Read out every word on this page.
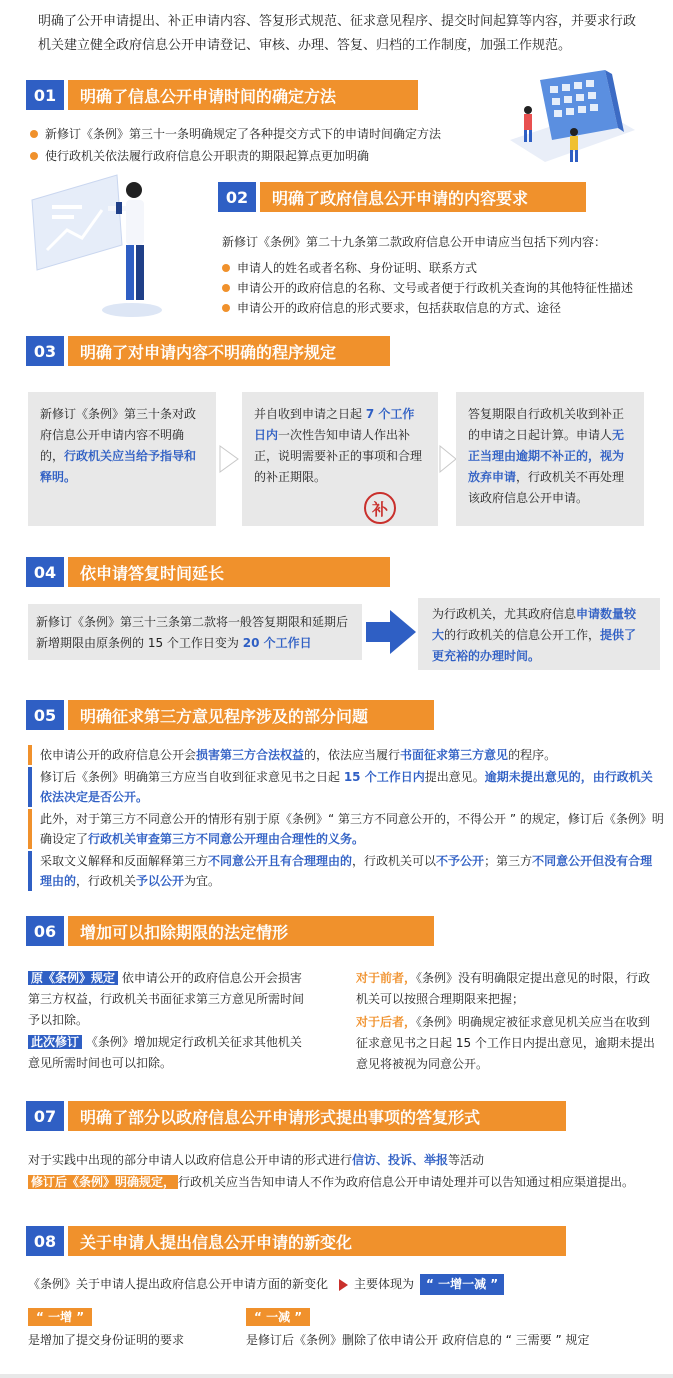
明确了公开申请提出、补正申请内容、答复形式规范、征求意见程序、提交时间起算等内容，并要求行政机关建立健全政府信息公开申请登记、审核、办理、答复、归档的工作制度，加强工作规范。
01	明确了信息公开申请时间的确定方法
新修订《条例》第三十一条明确规定了各种提交方式下的申请时间确定方法
使行政机关依法履行政府信息公开职责的期限起算点更加明确
02	明确了政府信息公开申请的内容要求
新修订《条例》第二十九条第二款政府信息公开申请应当包括下列内容：
申请人的姓名或者名称、身份证明、联系方式
申请公开的政府信息的名称、文号或者便于行政机关查询的其他特征性描述
申请公开的政府信息的形式要求，包括获取信息的方式、途径
03	明确了对申请内容不明确的程序规定
新修订《条例》第三十条对政府信息公开申请内容不明确的，行政机关应当给予指导和释明。
并自收到申请之日起 7 个工作日内一次性告知申请人作出补正，说明需要补正的事项和合理的补正期限。
补
答复期限自行政机关收到补正的申请之日起计算。申请人无正当理由逾期不补正的，视为放弃申请，行政机关不再处理该政府信息公开申请。
04	依申请答复时间延长
新修订《条例》第三十三条第二款将一般答复期限和延期后新增期限由原条例的 15 个工作日变为 20 个工作日
为行政机关，尤其政府信息申请数量较大的行政机关的信息公开工作，提供了更充裕的办理时间。
05	明确征求第三方意见程序涉及的部分问题
依申请公开的政府信息公开会损害第三方合法权益的，依法应当履行书面征求第三方意见的程序。
修订后《条例》明确第三方应当自收到征求意见书之日起 15 个工作日内提出意见。逾期未提出意见的，由行政机关依法决定是否公开。
此外，对于第三方不同意公开的情形有别于原《条例》“ 第三方不同意公开的，不得公开 ” 的规定，修订后《条例》明确设定了行政机关审查第三方不同意公开理由合理性的义务。
采取文义解释和反面解释第三方不同意公开且有合理理由的，行政机关可以不予公开；第三方不同意公开但没有合理理由的，行政机关予以公开为宜。
06	增加可以扣除期限的法定情形
原《条例》规定 依申请公开的政府信息公开会损害第三方权益，行政机关书面征求第三方意见所需时间予以扣除。
此次修订 《条例》增加规定行政机关征求其他机关意见所需时间也可以扣除。
对于前者，《条例》没有明确限定提出意见的时限，行政机关可以按照合理期限来把握；
对于后者，《条例》明确规定被征求意见机关应当在收到征求意见书之日起 15 个工作日内提出意见，逾期未提出意见将被视为同意公开。
07	明确了部分以政府信息公开申请形式提出事项的答复形式
对于实践中出现的部分申请人以政府信息公开申请的形式进行信访、投诉、举报等活动
修订后《条例》明确规定， 行政机关应当告知申请人不作为政府信息公开申请处理并可以告知通过相应渠道提出。
08	关于申请人提出信息公开申请的新变化
《条例》关于申请人提出政府信息公开申请方面的新变化 主要体现为	“ 一增一减 ”
“ 一增 ”
是增加了提交身份证明的要求
“ 一减 ”
是修订后《条例》删除了依申请公开 政府信息的 “ 三需要 ” 规定
